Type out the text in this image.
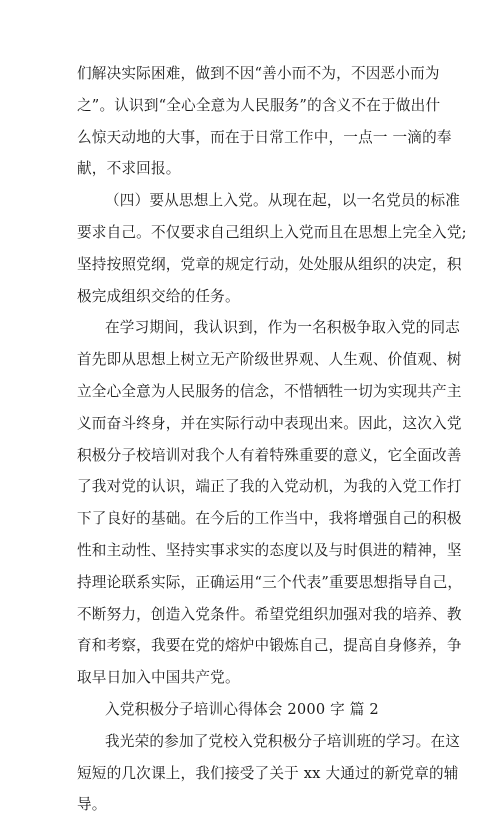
们解决实际困难，做到不因“善小而不为，不因恶小而为
之”。认识到“全心全意为人民服务”的含义不在于做出什
么惊天动地的大事，而在于日常工作中，一点一 一滴的奉
献，不求回报。
（四）要从思想上入党。从现在起，以一名党员的标准
要求自己。不仅要求自己组织上入党而且在思想上完全入党;
坚持按照党纲，党章的规定行动，处处服从组织的决定，积
极完成组织交给的任务。
在学习期间，我认识到，作为一名积极争取入党的同志
首先即从思想上树立无产阶级世界观、人生观、价值观、树
立全心全意为人民服务的信念，不惜牺牲一切为实现共产主
义而奋斗终身，并在实际行动中表现出来。因此，这次入党
积极分子校培训对我个人有着特殊重要的意义，它全面改善
了我对党的认识，端正了我的入党动机，为我的入党工作打
下了良好的基础。在今后的工作当中，我将增强自己的积极
性和主动性、坚持实事求实的态度以及与时俱进的精神，坚
持理论联系实际，正确运用“三个代表”重要思想指导自己，
不断努力，创造入党条件。希望党组织加强对我的培养、教
育和考察，我要在党的熔炉中锻炼自己，提高自身修养，争
取早日加入中国共产党。
入党积极分子培训心得体会 2000 字 篇 2
我光荣的参加了党校入党积极分子培训班的学习。在这
短短的几次课上，我们接受了关于 xx 大通过的新党章的辅
导。
